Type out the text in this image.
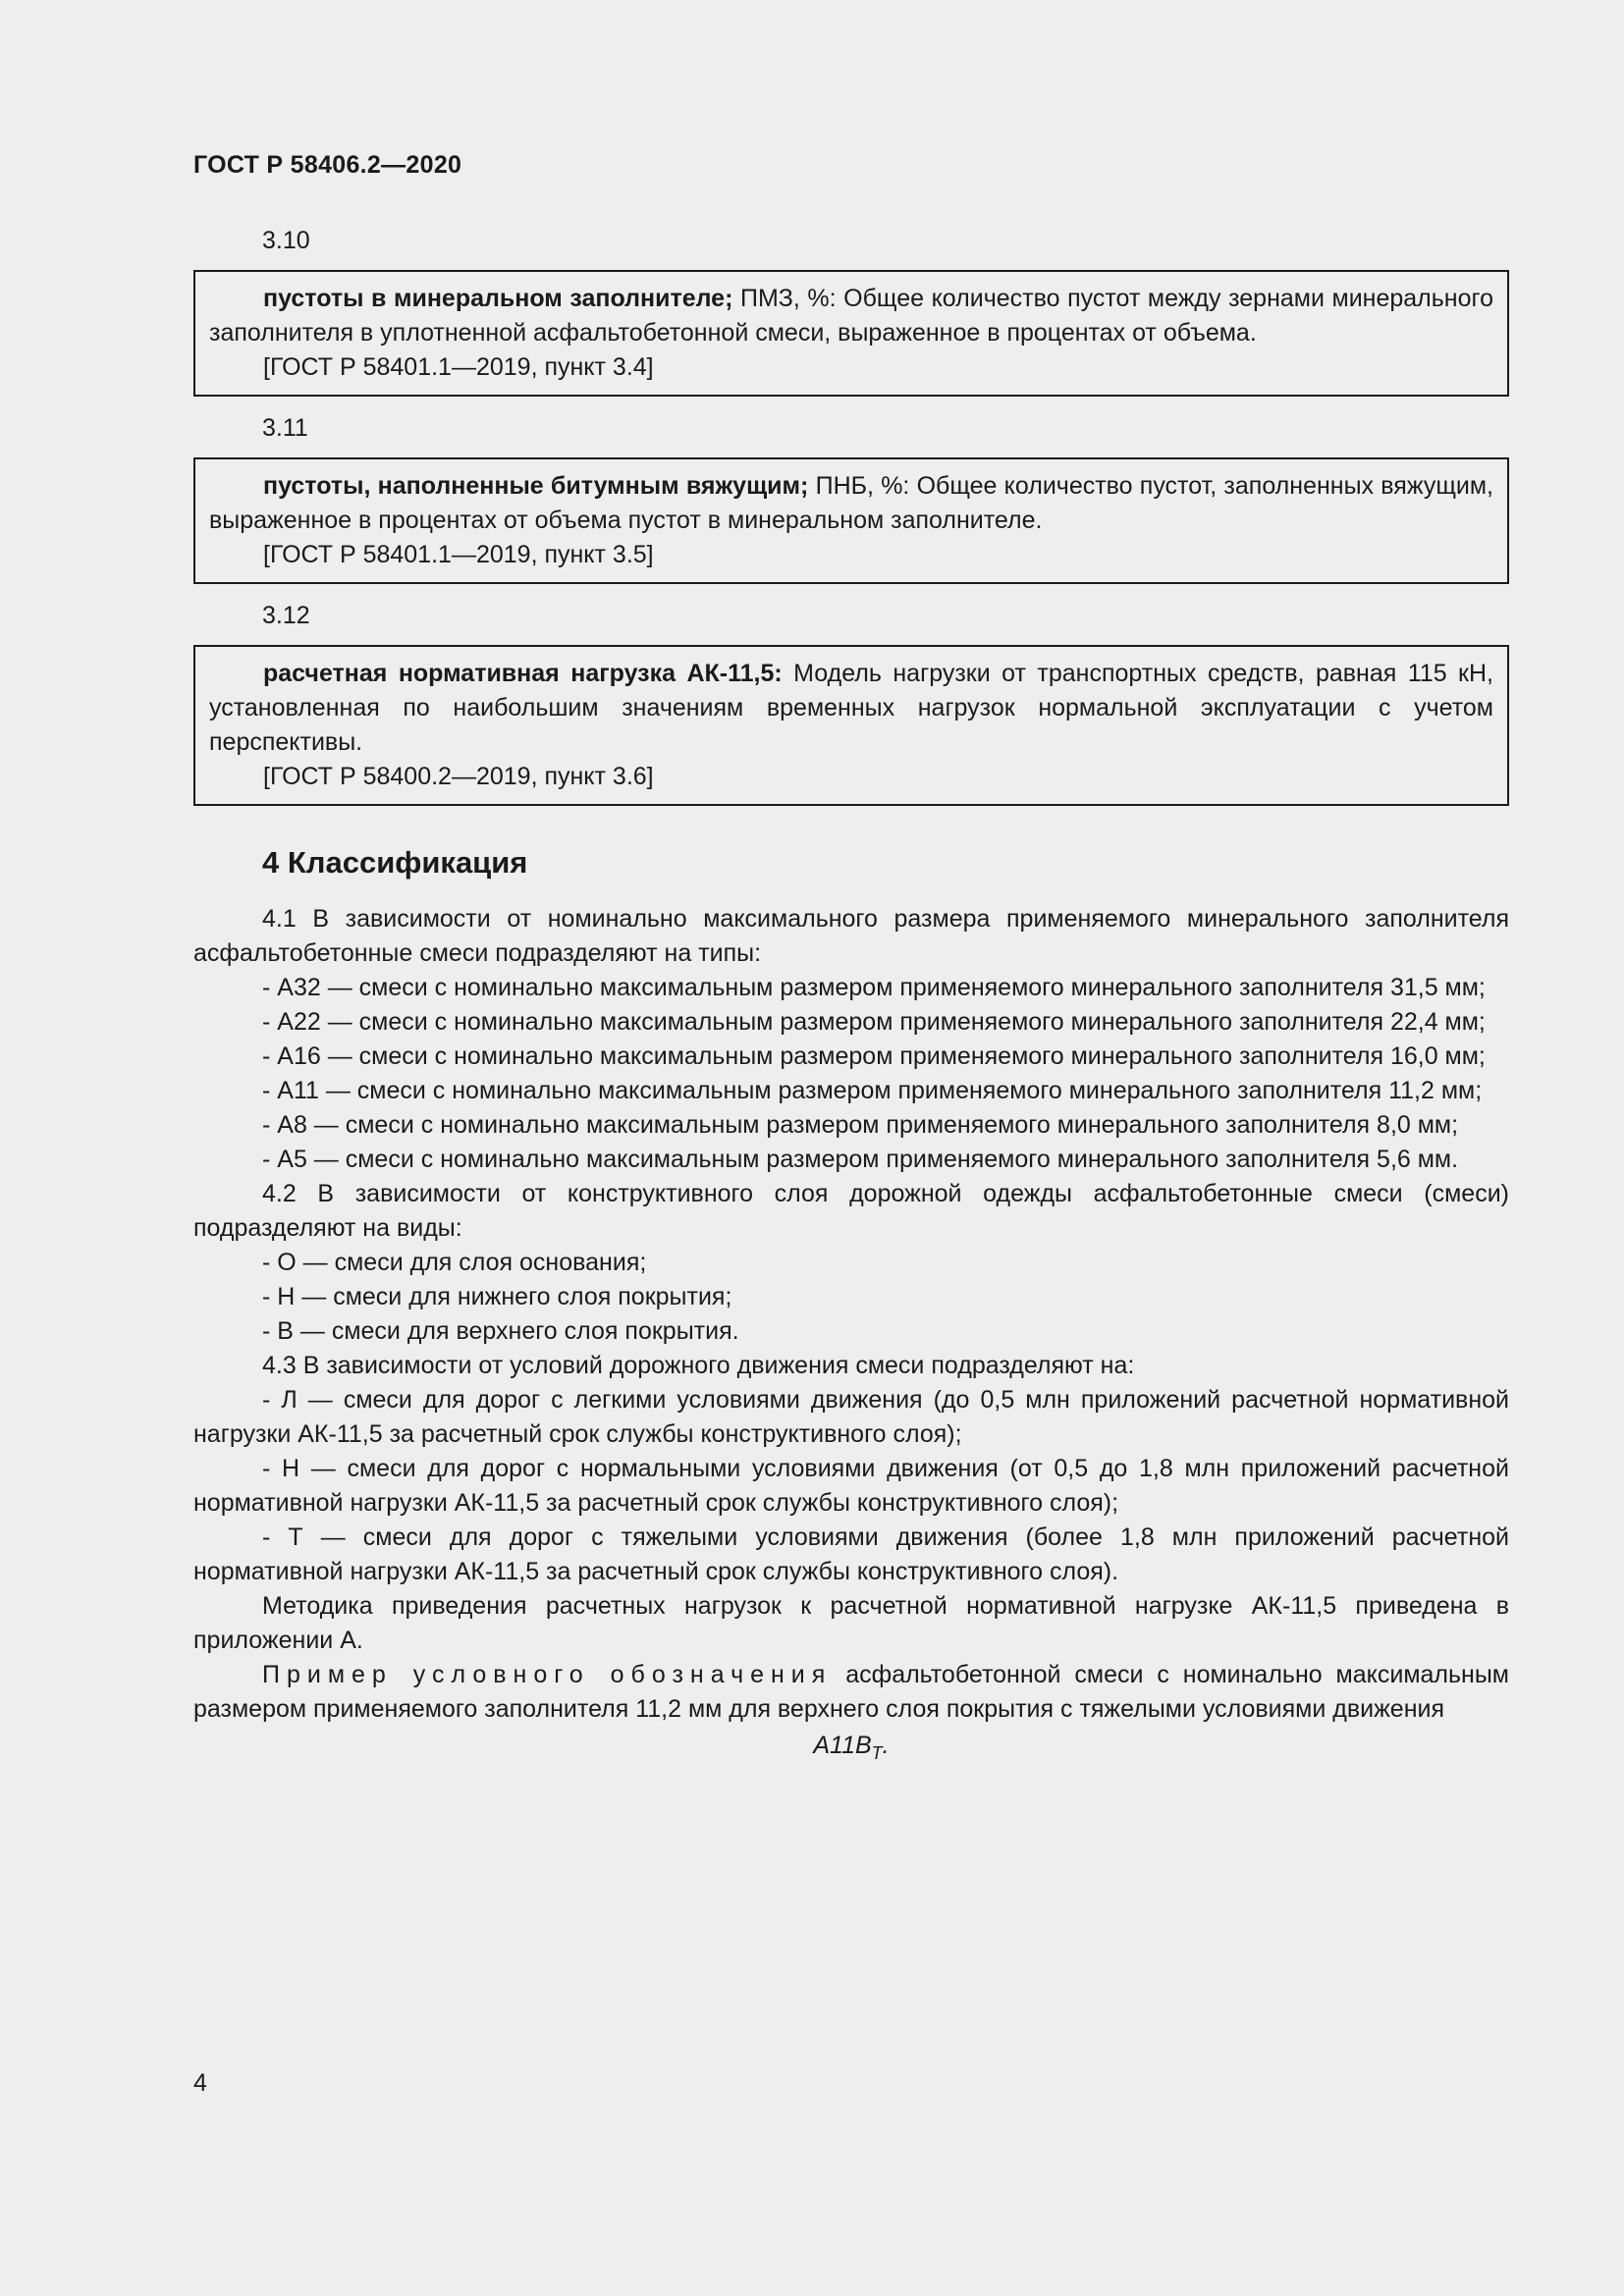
ГОСТ Р 58406.2—2020
3.10

пустоты в минеральном заполнителе; ПМЗ, %: Общее количество пустот между зернами минерального заполнителя в уплотненной асфальтобетонной смеси, выраженное в процентах от объема.

[ГОСТ Р 58401.1—2019, пункт 3.4]

3.11

пустоты, наполненные битумным вяжущим; ПНБ, %: Общее количество пустот, заполненных вяжущим, выраженное в процентах от объема пустот в минеральном заполнителе.

[ГОСТ Р 58401.1—2019, пункт 3.5]

3.12

расчетная нормативная нагрузка АК-11,5: Модель нагрузки от транспортных средств, равная 115 кН, установленная по наибольшим значениям временных нагрузок нормальной эксплуатации с учетом перспективы.

[ГОСТ Р 58400.2—2019, пункт 3.6]

4 Классификация

4.1 В зависимости от номинально максимального размера применяемого минерального заполнителя асфальтобетонные смеси подразделяют на типы:

- А32 — смеси с номинально максимальным размером применяемого минерального заполнителя 31,5 мм;

- А22 — смеси с номинально максимальным размером применяемого минерального заполнителя 22,4 мм;

- А16 — смеси с номинально максимальным размером применяемого минерального заполнителя 16,0 мм;

- А11 — смеси с номинально максимальным размером применяемого минерального заполнителя 11,2 мм;

- А8 — смеси с номинально максимальным размером применяемого минерального заполнителя 8,0 мм;

- А5 — смеси с номинально максимальным размером применяемого минерального заполнителя 5,6 мм.

4.2 В зависимости от конструктивного слоя дорожной одежды асфальтобетонные смеси (смеси) подразделяют на виды:

- О — смеси для слоя основания;

- Н — смеси для нижнего слоя покрытия;

- В — смеси для верхнего слоя покрытия.

4.3 В зависимости от условий дорожного движения смеси подразделяют на:

- Л — смеси для дорог с легкими условиями движения (до 0,5 млн приложений расчетной нормативной нагрузки АК-11,5 за расчетный срок службы конструктивного слоя);

- Н — смеси для дорог с нормальными условиями движения (от 0,5 до 1,8 млн приложений расчетной нормативной нагрузки АК-11,5 за расчетный срок службы конструктивного слоя);

- Т — смеси для дорог с тяжелыми условиями движения (более 1,8 млн приложений расчетной нормативной нагрузки АК-11,5 за расчетный срок службы конструктивного слоя).

Методика приведения расчетных нагрузок к расчетной нормативной нагрузке АК-11,5 приведена в приложении А.

Пример условного обозначения асфальтобетонной смеси с номинально максимальным размером применяемого заполнителя 11,2 мм для верхнего слоя покрытия с тяжелыми условиями движения

$А11В_Т$.
4
